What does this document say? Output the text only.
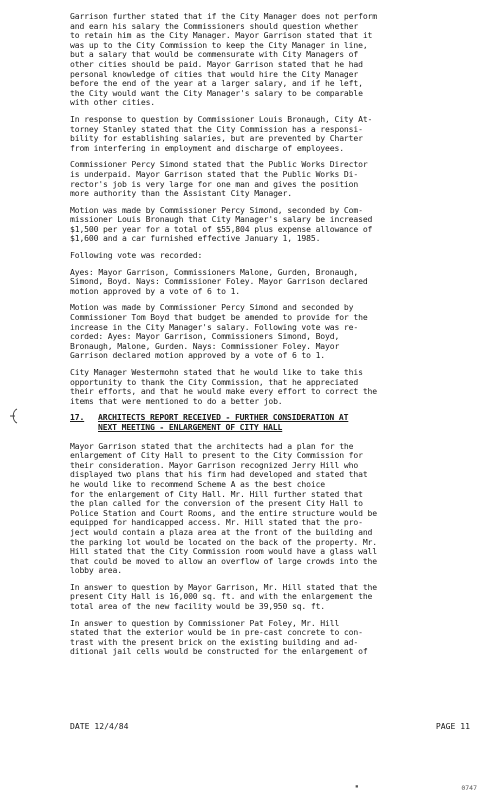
Garrison further stated that if the City Manager does not perform
and earn his salary the Commissioners should question whether
to retain him as the City Manager. Mayor Garrison stated that it
was up to the City Commission to keep the City Manager in line,
but a salary that would be commensurate with City Managers of
other cities should be paid. Mayor Garrison stated that he had
personal knowledge of cities that would hire the City Manager
before the end of the year at a larger salary, and if he left,
the City would want the City Manager's salary to be comparable
with other cities.
In response to question by Commissioner Louis Bronaugh, City At-
torney Stanley stated that the City Commission has a responsi-
bility for establishing salaries, but are prevented by Charter
from interfering in employment and discharge of employees.
Commissioner Percy Simond stated that the Public Works Director
is underpaid. Mayor Garrison stated that the Public Works Di-
rector's job is very large for one man and gives the position
more authority than the Assistant City Manager.
Motion was made by Commissioner Percy Simond, seconded by Com-
missioner Louis Bronaugh that City Manager's salary be increased
$1,500 per year for a total of $55,804 plus expense allowance of
$1,600 and a car furnished effective January 1, 1985.
Following vote was recorded:
Ayes: Mayor Garrison, Commissioners Malone, Gurden, Bronaugh,
Simond, Boyd. Nays: Commissioner Foley. Mayor Garrison declared
motion approved by a vote of 6 to 1.
Motion was made by Commissioner Percy Simond and seconded by
Commissioner Tom Boyd that budget be amended to provide for the
increase in the City Manager's salary. Following vote was re-
corded: Ayes: Mayor Garrison, Commissioners Simond, Boyd,
Bronaugh, Malone, Gurden. Nays: Commissioner Foley. Mayor
Garrison declared motion approved by a vote of 6 to 1.
City Manager Westermohn stated that he would like to take this
opportunity to thank the City Commission, that he appreciated
their efforts, and that he would make every effort to correct the
items that were mentioned to do a better job.
17.	ARCHITECTS REPORT RECEIVED - FURTHER CONSIDERATION AT
NEXT MEETING - ENLARGEMENT OF CITY HALL
Mayor Garrison stated that the architects had a plan for the
enlargement of City Hall to present to the City Commission for
their consideration. Mayor Garrison recognized Jerry Hill who
displayed two plans that his firm had developed and stated that
he would like to recommend Scheme A as the best choice
for the enlargement of City Hall. Mr. Hill further stated that
the plan called for the conversion of the present City Hall to
Police Station and Court Rooms, and the entire structure would be
equipped for handicapped access. Mr. Hill stated that the pro-
ject would contain a plaza area at the front of the building and
the parking lot would be located on the back of the property. Mr.
Hill stated that the City Commission room would have a glass wall
that could be moved to allow an overflow of large crowds into the
lobby area.
In answer to question by Mayor Garrison, Mr. Hill stated that the
present City Hall is 16,000 sq. ft. and with the enlargement the
total area of the new facility would be 39,950 sq. ft.
In answer to question by Commissioner Pat Foley, Mr. Hill
stated that the exterior would be in pre-cast concrete to con-
trast with the present brick on the existing building and ad-
ditional jail cells would be constructed for the enlargement of
DATE 12/4/84	PAGE 11
▪	0747
